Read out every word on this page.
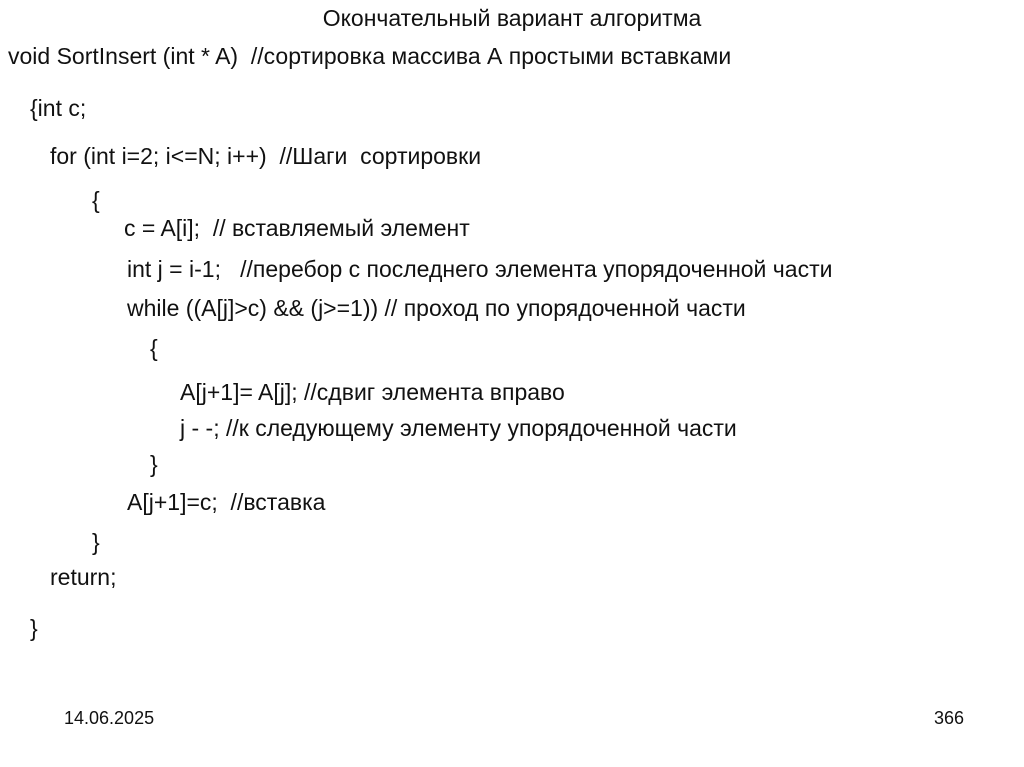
Окончательный вариант алгоритма
void SortInsert (int * A)  //сортировка массива А простыми вставками
{int c;
for (int i=2; i<=N; i++)  //Шаги  сортировки
{
c = A[i];  // вставляемый элемент
int j = i-1;   //перебор с последнего элемента упорядоченной части
while ((A[j]>c) && (j>=1)) // проход по упорядоченной части
{
A[j+1]= A[j]; //сдвиг элемента вправо
j - -; //к следующему элементу упорядоченной части
}
A[j+1]=c;  //вставка
}
return;
}
14.06.2025	366
